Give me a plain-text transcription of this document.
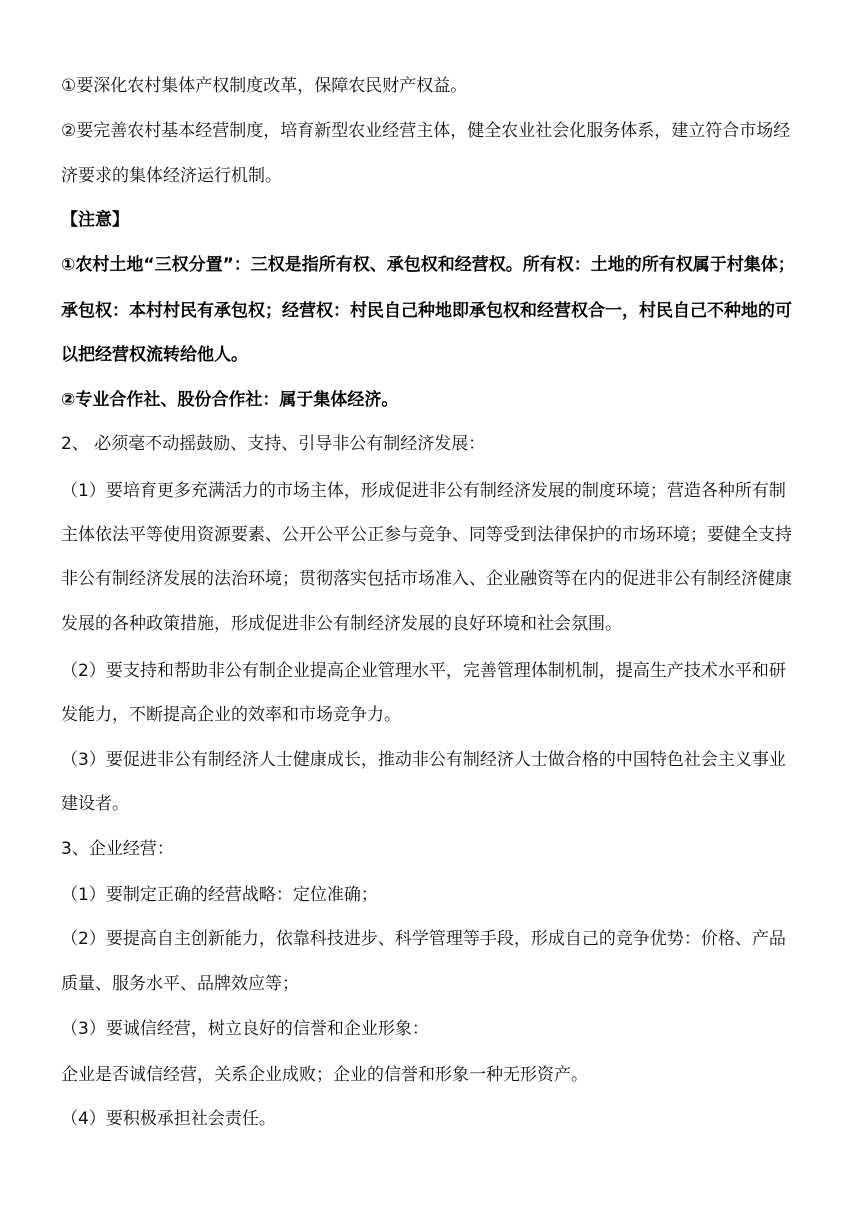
①要深化农村集体产权制度改革，保障农民财产权益。
②要完善农村基本经营制度，培育新型农业经营主体，健全农业社会化服务体系，建立符合市场经
济要求的集体经济运行机制。
【注意】
①农村土地“三权分置”：三权是指所有权、承包权和经营权。所有权：土地的所有权属于村集体；
承包权：本村村民有承包权；经营权：村民自己种地即承包权和经营权合一，村民自己不种地的可
以把经营权流转给他人。
②专业合作社、股份合作社：属于集体经济。
2、 必须毫不动摇鼓励、支持、引导非公有制经济发展：
（1）要培育更多充满活力的市场主体，形成促进非公有制经济发展的制度环境；营造各种所有制
主体依法平等使用资源要素、公开公平公正参与竞争、同等受到法律保护的市场环境；要健全支持
非公有制经济发展的法治环境；贯彻落实包括市场准入、企业融资等在内的促进非公有制经济健康
发展的各种政策措施，形成促进非公有制经济发展的良好环境和社会氛围。
（2）要支持和帮助非公有制企业提高企业管理水平，完善管理体制机制，提高生产技术水平和研
发能力，不断提高企业的效率和市场竞争力。
（3）要促进非公有制经济人士健康成长，推动非公有制经济人士做合格的中国特色社会主义事业
建设者。
3、企业经营：
（1）要制定正确的经营战略：定位准确；
（2）要提高自主创新能力，依靠科技进步、科学管理等手段，形成自己的竞争优势：价格、产品
质量、服务水平、品牌效应等；
（3）要诚信经营，树立良好的信誉和企业形象：
企业是否诚信经营，关系企业成败；企业的信誉和形象一种无形资产。
（4）要积极承担社会责任。
